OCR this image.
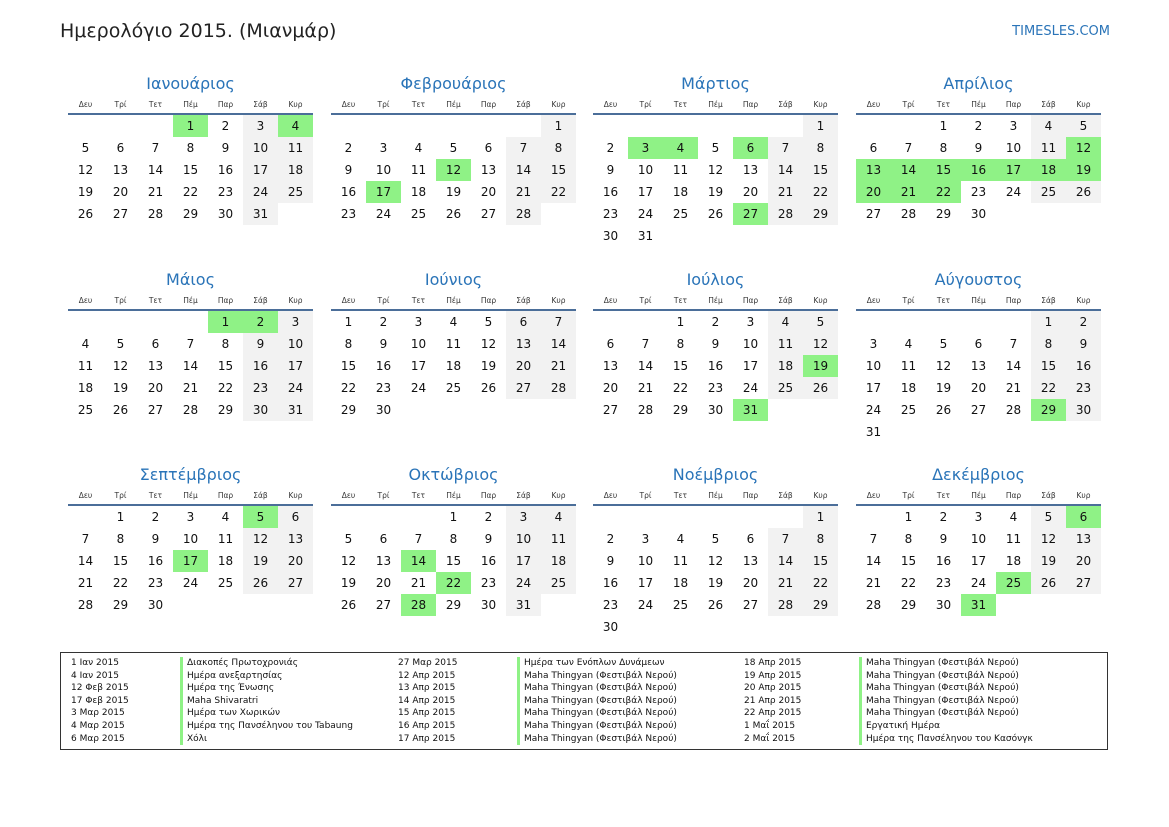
Ημερολόγιο 2015. (Μιανμάρ)	TIMESLES.COM
Ιανουάριος
Δευ	Τρί	Τετ	Πέμ	Παρ	Σάβ	Κυρ
			1	2	3	4
5	6	7	8	9	10	11
12	13	14	15	16	17	18
19	20	21	22	23	24	25
26	27	28	29	30	31	
Φεβρουάριος
Δευ	Τρί	Τετ	Πέμ	Παρ	Σάβ	Κυρ
						1
2	3	4	5	6	7	8
9	10	11	12	13	14	15
16	17	18	19	20	21	22
23	24	25	26	27	28	
Μάρτιος
Δευ	Τρί	Τετ	Πέμ	Παρ	Σάβ	Κυρ
						1
2	3	4	5	6	7	8
9	10	11	12	13	14	15
16	17	18	19	20	21	22
23	24	25	26	27	28	29
30	31					
Απρίλιος
Δευ	Τρί	Τετ	Πέμ	Παρ	Σάβ	Κυρ
		1	2	3	4	5
6	7	8	9	10	11	12
13	14	15	16	17	18	19
20	21	22	23	24	25	26
27	28	29	30			
Μάιος
Δευ	Τρί	Τετ	Πέμ	Παρ	Σάβ	Κυρ
				1	2	3
4	5	6	7	8	9	10
11	12	13	14	15	16	17
18	19	20	21	22	23	24
25	26	27	28	29	30	31
Ιούνιος
Δευ	Τρί	Τετ	Πέμ	Παρ	Σάβ	Κυρ
1	2	3	4	5	6	7
8	9	10	11	12	13	14
15	16	17	18	19	20	21
22	23	24	25	26	27	28
29	30					
Ιούλιος
Δευ	Τρί	Τετ	Πέμ	Παρ	Σάβ	Κυρ
		1	2	3	4	5
6	7	8	9	10	11	12
13	14	15	16	17	18	19
20	21	22	23	24	25	26
27	28	29	30	31		
Αύγουστος
Δευ	Τρί	Τετ	Πέμ	Παρ	Σάβ	Κυρ
					1	2
3	4	5	6	7	8	9
10	11	12	13	14	15	16
17	18	19	20	21	22	23
24	25	26	27	28	29	30
31						
Σεπτέμβριος
Δευ	Τρί	Τετ	Πέμ	Παρ	Σάβ	Κυρ
	1	2	3	4	5	6
7	8	9	10	11	12	13
14	15	16	17	18	19	20
21	22	23	24	25	26	27
28	29	30				
Οκτώβριος
Δευ	Τρί	Τετ	Πέμ	Παρ	Σάβ	Κυρ
			1	2	3	4
5	6	7	8	9	10	11
12	13	14	15	16	17	18
19	20	21	22	23	24	25
26	27	28	29	30	31	
Νοέμβριος
Δευ	Τρί	Τετ	Πέμ	Παρ	Σάβ	Κυρ
						1
2	3	4	5	6	7	8
9	10	11	12	13	14	15
16	17	18	19	20	21	22
23	24	25	26	27	28	29
30						
Δεκέμβριος
Δευ	Τρί	Τετ	Πέμ	Παρ	Σάβ	Κυρ
	1	2	3	4	5	6
7	8	9	10	11	12	13
14	15	16	17	18	19	20
21	22	23	24	25	26	27
28	29	30	31			
1 Ιαν 2015	Διακοπές Πρωτοχρονιάς
4 Ιαν 2015	Ημέρα ανεξαρτησίας
12 Φεβ 2015	Ημέρα της Ένωσης
17 Φεβ 2015	Maha Shivaratri
3 Μαρ 2015	Ημέρα των Χωρικών
4 Μαρ 2015	Ημέρα της Πανσέληνου του Tabaung
6 Μαρ 2015	Χόλι
27 Μαρ 2015	Ημέρα των Ενόπλων Δυνάμεων
12 Απρ 2015	Maha Thingyan (Φεστιβάλ Νερού)
13 Απρ 2015	Maha Thingyan (Φεστιβάλ Νερού)
14 Απρ 2015	Maha Thingyan (Φεστιβάλ Νερού)
15 Απρ 2015	Maha Thingyan (Φεστιβάλ Νερού)
16 Απρ 2015	Maha Thingyan (Φεστιβάλ Νερού)
17 Απρ 2015	Maha Thingyan (Φεστιβάλ Νερού)
18 Απρ 2015	Maha Thingyan (Φεστιβάλ Νερού)
19 Απρ 2015	Maha Thingyan (Φεστιβάλ Νερού)
20 Απρ 2015	Maha Thingyan (Φεστιβάλ Νερού)
21 Απρ 2015	Maha Thingyan (Φεστιβάλ Νερού)
22 Απρ 2015	Maha Thingyan (Φεστιβάλ Νερού)
1 Μαΐ 2015	Εργατική Ημέρα
2 Μαΐ 2015	Ημέρα της Πανσέληνου του Κασόνγκ
